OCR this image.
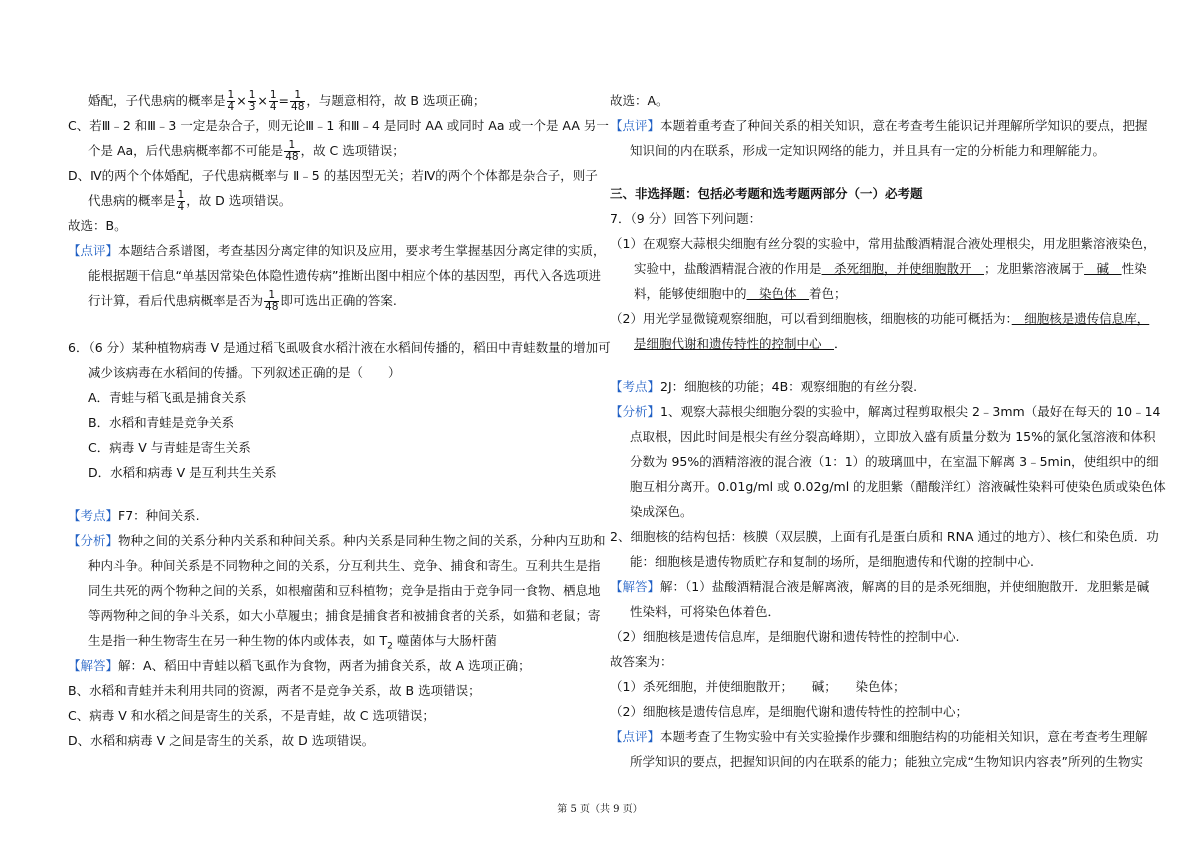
婚配，子代患病的概率是 $\frac{1}{4} \times \frac{1}{3} \times \frac{1}{4} = \frac{1}{48}$ ，与题意相符，故 B 选项正确；
C、若Ⅲ﹣2 和Ⅲ﹣3 一定是杂合子，则无论Ⅲ﹣1 和Ⅲ﹣4 是同时 AA 或同时 Aa 或一个是 AA 另一
个是 Aa，后代患病概率都不可能是 $\frac{1}{48}$ ，故 C 选项错误；
D、Ⅳ的两个个体婚配，子代患病概率与 Ⅱ﹣5 的基因型无关；若Ⅳ的两个个体都是杂合子，则子
代患病的概率是 $\frac{1}{4}$ ，故 D 选项错误。
故选：B。
【点评】本题结合系谱图，考查基因分离定律的知识及应用，要求考生掌握基因分离定律的实质，
能根据题干信息“单基因常染色体隐性遗传病”推断出图中相应个体的基因型，再代入各选项进
行计算，看后代患病概率是否为 $\frac{1}{48}$ 即可选出正确的答案.
6．（6 分）某种植物病毒 V 是通过稻飞虱吸食水稻汁液在水稻间传播的，稻田中青蛙数量的增加可
减少该病毒在水稻间的传播。下列叙述正确的是（　　）
A．青蛙与稻飞虱是捕食关系
B．水稻和青蛙是竞争关系
C．病毒 V 与青蛙是寄生关系
D．水稻和病毒 V 是互利共生关系
【考点】F7：种间关系.
【分析】物种之间的关系分种内关系和种间关系。种内关系是同种生物之间的关系，分种内互助和
种内斗争。种间关系是不同物种之间的关系，分互利共生、竞争、捕食和寄生。互利共生是指
同生共死的两个物种之间的关系，如根瘤菌和豆科植物；竞争是指由于竞争同一食物、栖息地
等两物种之间的争斗关系，如大小草履虫；捕食是捕食者和被捕食者的关系，如猫和老鼠；寄
生是指一种生物寄生在另一种生物的体内或体表，如 $T_2$ 噬菌体与大肠杆菌
【解答】解：A、稻田中青蛙以稻飞虱作为食物，两者为捕食关系，故 A 选项正确；
B、水稻和青蛙并未利用共同的资源，两者不是竞争关系，故 B 选项错误；
C、病毒 V 和水稻之间是寄生的关系，不是青蛙，故 C 选项错误；
D、水稻和病毒 V 之间是寄生的关系，故 D 选项错误。
故选：A。
【点评】本题着重考查了种间关系的相关知识，意在考查考生能识记并理解所学知识的要点，把握
知识间的内在联系，形成一定知识网络的能力，并且具有一定的分析能力和理解能力。
三、非选择题：包括必考题和选考题两部分（一）必考题
7．（9 分）回答下列问题：
（1）在观察大蒜根尖细胞有丝分裂的实验中，常用盐酸酒精混合液处理根尖，用龙胆紫溶液染色，
实验中，盐酸酒精混合液的作用是　杀死细胞，并使细胞散开　；龙胆紫溶液属于　碱　性染
料，能够使细胞中的　染色体　着色；
（2）用光学显微镜观察细胞，可以看到细胞核，细胞核的功能可概括为：　细胞核是遗传信息库，
是细胞代谢和遗传特性的控制中心　．
【考点】2J：细胞核的功能；4B：观察细胞的有丝分裂.
【分析】1、观察大蒜根尖细胞分裂的实验中，解离过程剪取根尖 2﹣3mm（最好在每天的 10﹣14
点取根，因此时间是根尖有丝分裂高峰期），立即放入盛有质量分数为 15%的氯化氢溶液和体积
分数为 95%的酒精溶液的混合液（1：1）的玻璃皿中，在室温下解离 3﹣5min，使组织中的细
胞互相分离开。0.01g/ml 或 0.02g/ml 的龙胆紫（醋酸洋红）溶液碱性染料可使染色质或染色体
染成深色。
2、细胞核的结构包括：核膜（双层膜，上面有孔是蛋白质和 RNA 通过的地方）、核仁和染色质．功
能：细胞核是遗传物质贮存和复制的场所，是细胞遗传和代谢的控制中心.
【解答】解：（1）盐酸酒精混合液是解离液，解离的目的是杀死细胞，并使细胞散开．龙胆紫是碱
性染料，可将染色体着色．
（2）细胞核是遗传信息库，是细胞代谢和遗传特性的控制中心.
故答案为：
（1）杀死细胞，并使细胞散开；　　碱；　　染色体；
（2）细胞核是遗传信息库，是细胞代谢和遗传特性的控制中心；
【点评】本题考查了生物实验中有关实验操作步骤和细胞结构的功能相关知识，意在考查考生理解
所学知识的要点，把握知识间的内在联系的能力；能独立完成“生物知识内容表”所列的生物实
第 5 页（共 9 页）
